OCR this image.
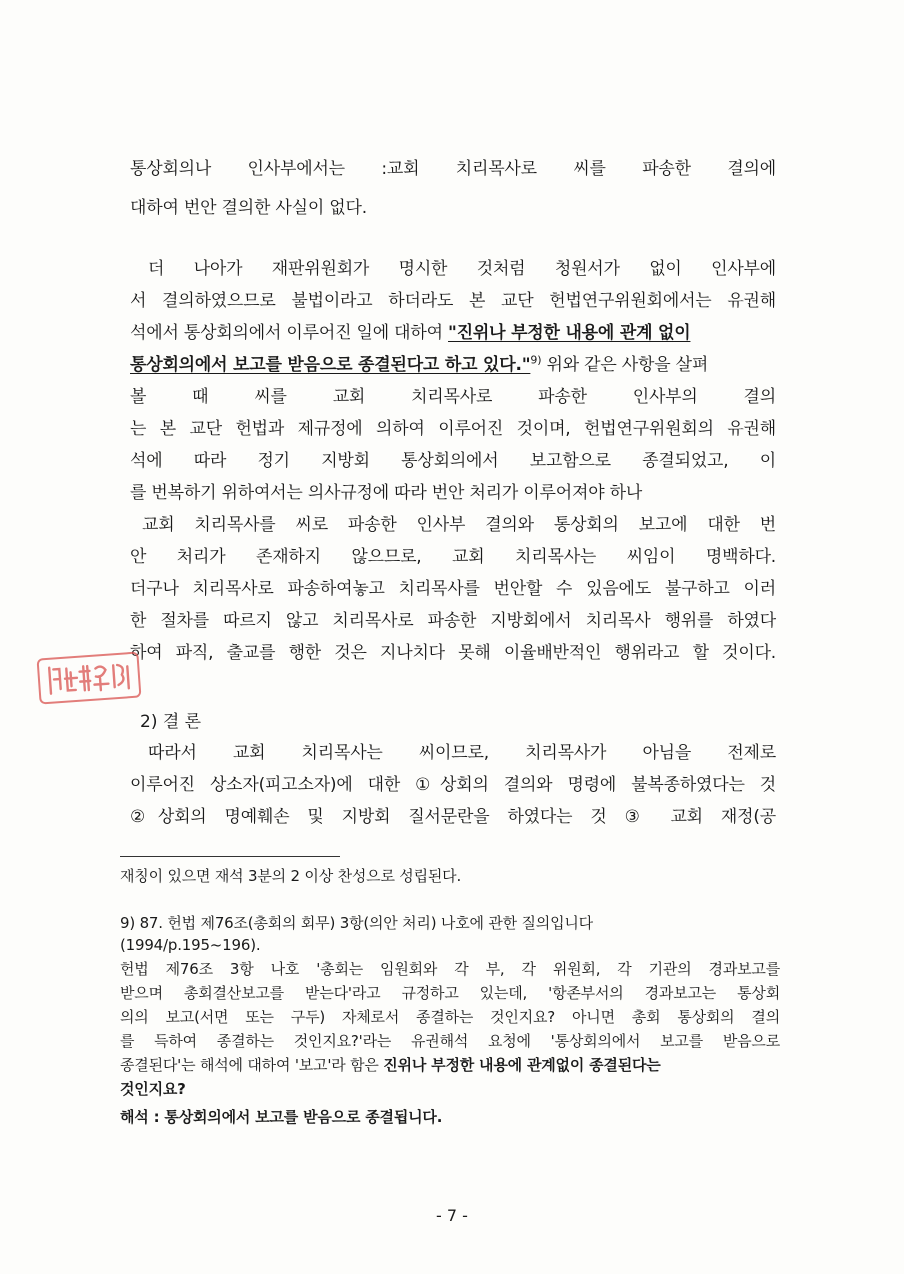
통상회의나 인사부에서는 :교회 치리목사로 씨를 파송한 결의에
대하여 번안 결의한 사실이 없다.
더 나아가 재판위원회가 명시한 것처럼 청원서가 없이 인사부에
서 결의하였으므로 불법이라고 하더라도 본 교단 헌법연구위원회에서는 유권해
석에서 통상회의에서 이루어진 일에 대하여 "진위나 부정한 내용에 관계 없이
통상회의에서 보고를 받음으로 종결된다고 하고 있다."$^{9)}$ 위와 같은 사항을 살펴
볼 때 씨를 교회 치리목사로 파송한 인사부의 결의
는 본 교단 헌법과 제규정에 의하여 이루어진 것이며, 헌법연구위원회의 유권해
석에 따라 정기 지방회 통상회의에서 보고함으로 종결되었고, 이
를 번복하기 위하여서는 의사규정에 따라 번안 처리가 이루어져야 하나
교회 치리목사를 씨로 파송한 인사부 결의와 통상회의 보고에 대한 번
안 처리가 존재하지 않으므로, 교회 치리목사는 씨임이 명백하다.
더구나 치리목사로 파송하여놓고 치리목사를 번안할 수 있음에도 불구하고 이러
한 절차를 따르지 않고 치리목사로 파송한 지방회에서 치리목사 행위를 하였다
하여 파직, 출교를 행한 것은 지나치다 못해 이율배반적인 행위라고 할 것이다.
2) 결 론
따라서 교회 치리목사는 씨이므로, 치리목사가 아님을 전제로
이루어진 상소자(피고소자)에 대한 ①상회의 결의와 명령에 불복종하였다는 것
②상회의 명예훼손 및 지방회 질서문란을 하였다는 것 ③ 교회 재정(공
재칭이 있으면 재석 3분의 2 이상 찬성으로 성립된다.
9) 87. 헌법 제76조(총회의 회무) 3항(의안 처리) 나호에 관한 질의입니다
(1994/p.195~196).
헌법 제76조 3항 나호 '총회는 임원회와 각 부, 각 위원회, 각 기관의 경과보고를
받으며 총회결산보고를 받는다'라고 규정하고 있는데, '항존부서의 경과보고는 통상회
의의 보고(서면 또는 구두) 자체로서 종결하는 것인지요? 아니면 총회 통상회의 결의
를 득하여 종결하는 것인지요?'라는 유권해석 요청에 '통상회의에서 보고를 받음으로
종결된다'는 해석에 대하여 '보고'라 함은 진위나 부정한 내용에 관계없이 종결된다는
것인지요?
해석 : 통상회의에서 보고를 받음으로 종결됩니다.
- 7 -
